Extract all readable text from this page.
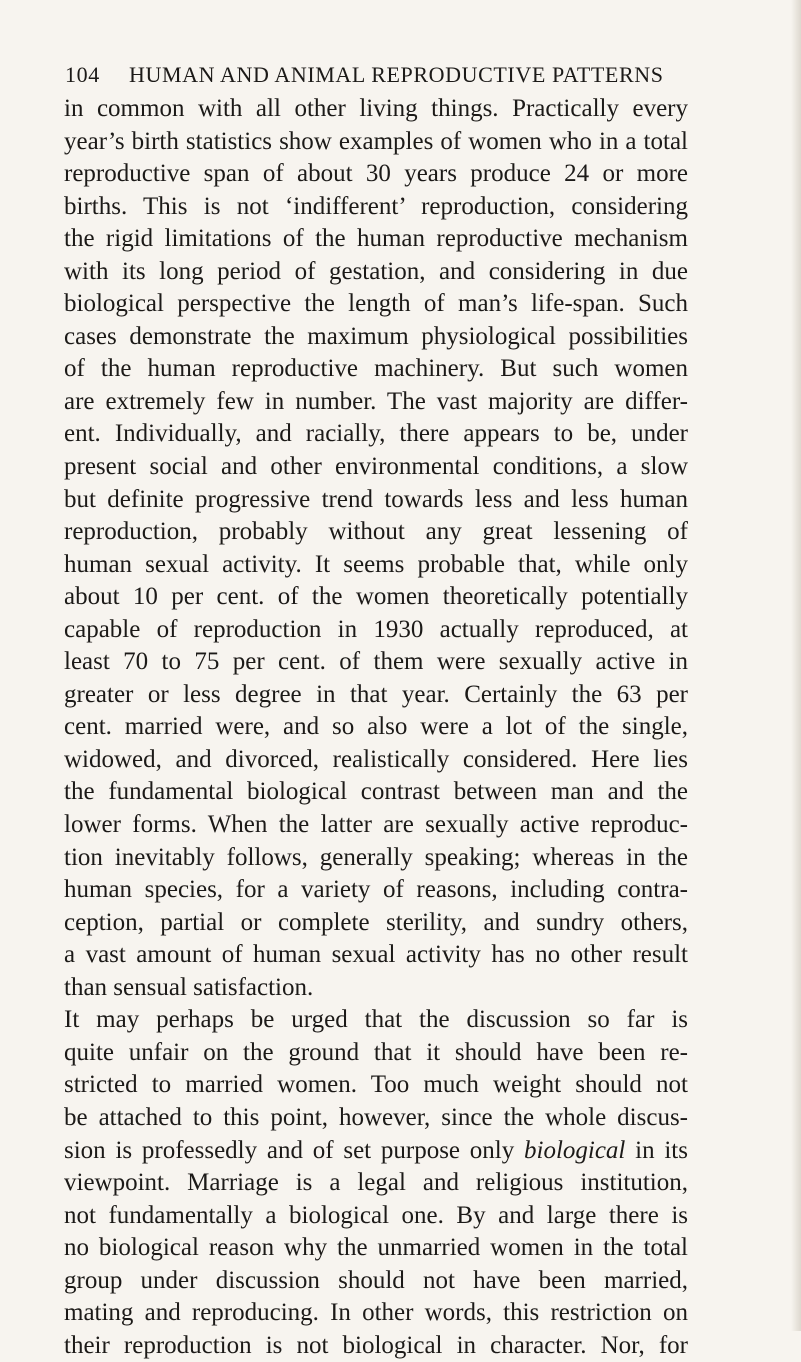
104 HUMAN AND ANIMAL REPRODUCTIVE PATTERNS
in common with all other living things. Practically every
year’s birth statistics show examples of women who in a total
reproductive span of about 30 years produce 24 or more
births. This is not ‘indifferent’ reproduction, considering
the rigid limitations of the human reproductive mechanism
with its long period of gestation, and considering in due
biological perspective the length of man’s life-span. Such
cases demonstrate the maximum physiological possibilities
of the human reproductive machinery. But such women
are extremely few in number. The vast majority are differ-
ent. Individually, and racially, there appears to be, under
present social and other environmental conditions, a slow
but definite progressive trend towards less and less human
reproduction, probably without any great lessening of
human sexual activity. It seems probable that, while only
about 10 per cent. of the women theoretically potentially
capable of reproduction in 1930 actually reproduced, at
least 70 to 75 per cent. of them were sexually active in
greater or less degree in that year. Certainly the 63 per
cent. married were, and so also were a lot of the single,
widowed, and divorced, realistically considered. Here lies
the fundamental biological contrast between man and the
lower forms. When the latter are sexually active reproduc-
tion inevitably follows, generally speaking; whereas in the
human species, for a variety of reasons, including contra-
ception, partial or complete sterility, and sundry others,
a vast amount of human sexual activity has no other result
than sensual satisfaction.
It may perhaps be urged that the discussion so far is
quite unfair on the ground that it should have been re-
stricted to married women. Too much weight should not
be attached to this point, however, since the whole discus-
sion is professedly and of set purpose only biological in its
viewpoint. Marriage is a legal and religious institution,
not fundamentally a biological one. By and large there is
no biological reason why the unmarried women in the total
group under discussion should not have been married,
mating and reproducing. In other words, this restriction on
their reproduction is not biological in character. Nor, for
